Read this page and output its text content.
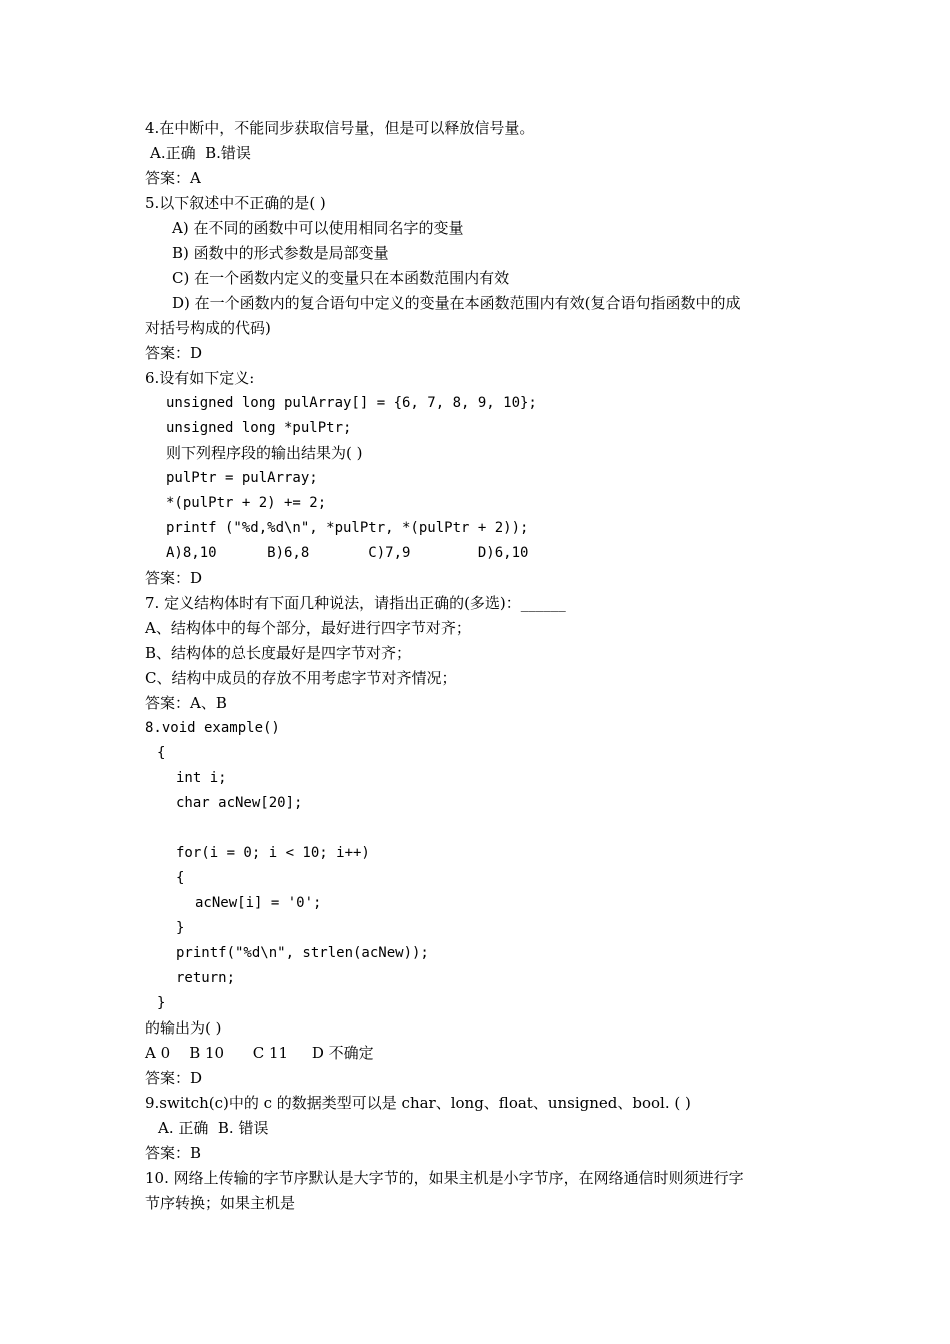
4.在中断中，不能同步获取信号量，但是可以释放信号量。
A.正确  B.错误
答案：A
5.以下叙述中不正确的是( )
A) 在不同的函数中可以使用相同名字的变量
B) 函数中的形式参数是局部变量
C) 在一个函数内定义的变量只在本函数范围内有效
D) 在一个函数内的复合语句中定义的变量在本函数范围内有效(复合语句指函数中的成
对括号构成的代码)
答案：D
6.设有如下定义:
unsigned long pulArray[] = {6, 7, 8, 9, 10};
unsigned long *pulPtr;
则下列程序段的输出结果为( )
pulPtr = pulArray;
*(pulPtr + 2) += 2;
printf ("%d,%d\n", *pulPtr, *(pulPtr + 2));
A)8,10      B)6,8       C)7,9        D)6,10
答案：D
7. 定义结构体时有下面几种说法，请指出正确的(多选)：______
A、结构体中的每个部分，最好进行四字节对齐；
B、结构体的总长度最好是四字节对齐；
C、结构中成员的存放不用考虑字节对齐情况；
答案：A、B
8.void example()
{
int i;
char acNew[20];
for(i = 0; i < 10; i++)
{
acNew[i] = '0';
}
printf("%d\n", strlen(acNew));
return;
}
的输出为( )
A 0    B 10      C 11     D 不确定
答案：D
9.switch(c)中的 c 的数据类型可以是 char、long、float、unsigned、bool. ( )
A. 正确  B. 错误
答案：B
10. 网络上传输的字节序默认是大字节的，如果主机是小字节序，在网络通信时则须进行字
节序转换；如果主机是
